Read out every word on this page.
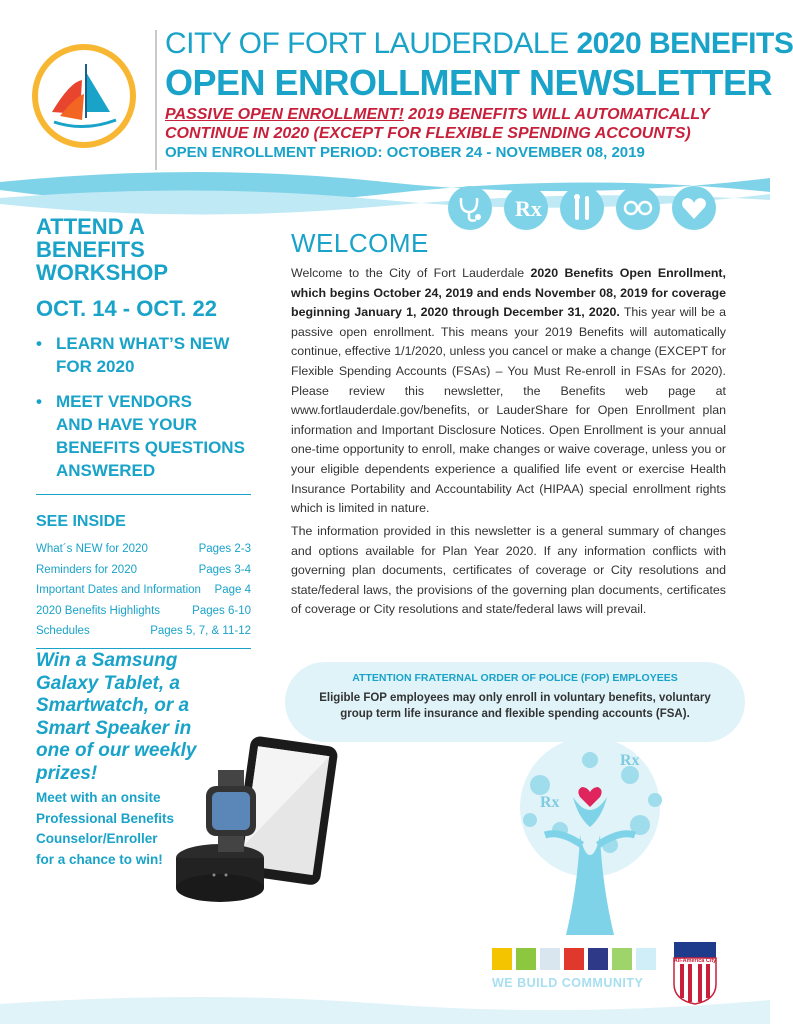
CITY OF FORT LAUDERDALE 2020 BENEFITS
OPEN ENROLLMENT NEWSLETTER
PASSIVE OPEN ENROLLMENT! 2019 BENEFITS WILL AUTOMATICALLY
CONTINUE IN 2020 (EXCEPT FOR FLEXIBLE SPENDING ACCOUNTS)
OPEN ENROLLMENT PERIOD: OCTOBER 24 - NOVEMBER 08, 2019
Rx
ATTEND A
BENEFITS
WORKSHOP
OCT. 14 - OCT. 22
• LEARN WHAT’S NEW
FOR 2020
• MEET VENDORS
AND HAVE YOUR
BENEFITS QUESTIONS
ANSWERED
SEE INSIDE
What´s NEW for 2020	Pages 2-3
Reminders for 2020	Pages 3-4
Important Dates and Information Page 4
2020 Benefits Highlights	Pages 6-10
Schedules	Pages 5, 7, & 11-12
Win a Samsung
Galaxy Tablet, a
Smartwatch, or a
Smart Speaker in
one of our weekly
prizes!
Meet with an onsite
Professional Benefits
Counselor/Enroller
for a chance to win!
WELCOME
Welcome to the City of Fort Lauderdale 2020 Benefits Open Enrollment, which begins October 24, 2019 and ends November 08, 2019 for coverage beginning January 1, 2020 through December 31, 2020. This year will be a passive open enrollment. This means your 2019 Benefits will automatically continue, effective 1/1/2020, unless you cancel or make a change (EXCEPT for Flexible Spending Accounts (FSAs) – You Must Re-enroll in FSAs for 2020). Please review this newsletter, the Benefits web page at www.fortlauderdale.gov/benefits, or LauderShare for Open Enrollment plan information and Important Disclosure Notices. Open Enrollment is your annual one-time opportunity to enroll, make changes or waive coverage, unless you or your eligible dependents experience a qualified life event or exercise Health Insurance Portability and Accountability Act (HIPAA) special enrollment rights which is limited in nature.
The information provided in this newsletter is a general summary of changes and options available for Plan Year 2020. If any information conflicts with governing plan documents, certificates of coverage or City resolutions and state/federal laws, the provisions of the governing plan documents, certificates of coverage or City resolutions and state/federal laws will prevail.
ATTENTION FRATERNAL ORDER OF POLICE (FOP) EMPLOYEES
Eligible FOP employees may only enroll in voluntary benefits, voluntary group term life insurance and flexible spending accounts (FSA).
Rx
Rx
WE BUILD COMMUNITY
All-America City
